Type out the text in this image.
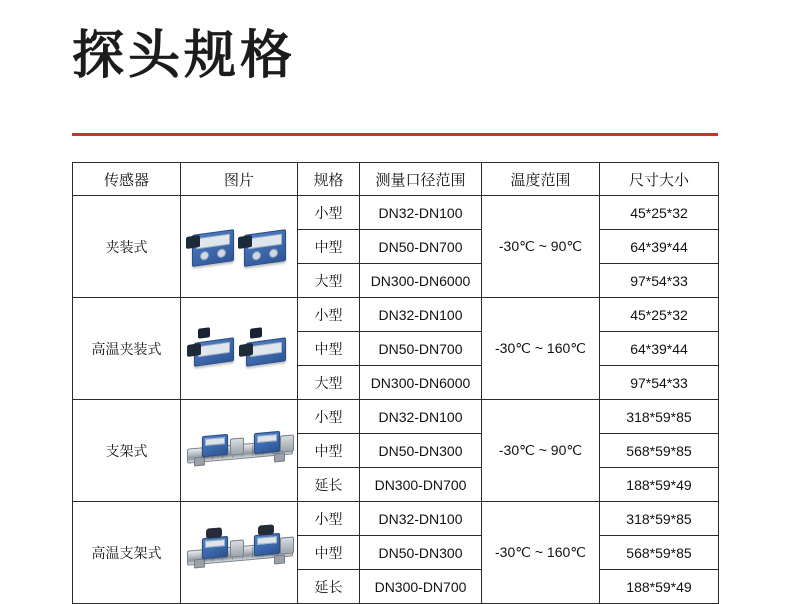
探头规格
传感器	图片	规格	测量口径范围	温度范围	尺寸大小
夹装式		小型	DN32-DN100	-30℃ ~ 90℃	45*25*32
		中型	DN50-DN700		64*39*44
		大型	DN300-DN6000		97*54*33
高温夹装式		小型	DN32-DN100	-30℃ ~ 160℃	45*25*32
		中型	DN50-DN700		64*39*44
		大型	DN300-DN6000		97*54*33
支架式		小型	DN32-DN100	-30℃ ~ 90℃	318*59*85
		中型	DN50-DN300		568*59*85
		延长	DN300-DN700		188*59*49
高温支架式		小型	DN32-DN100	-30℃ ~ 160℃	318*59*85
		中型	DN50-DN300		568*59*85
		延长	DN300-DN700		188*59*49
